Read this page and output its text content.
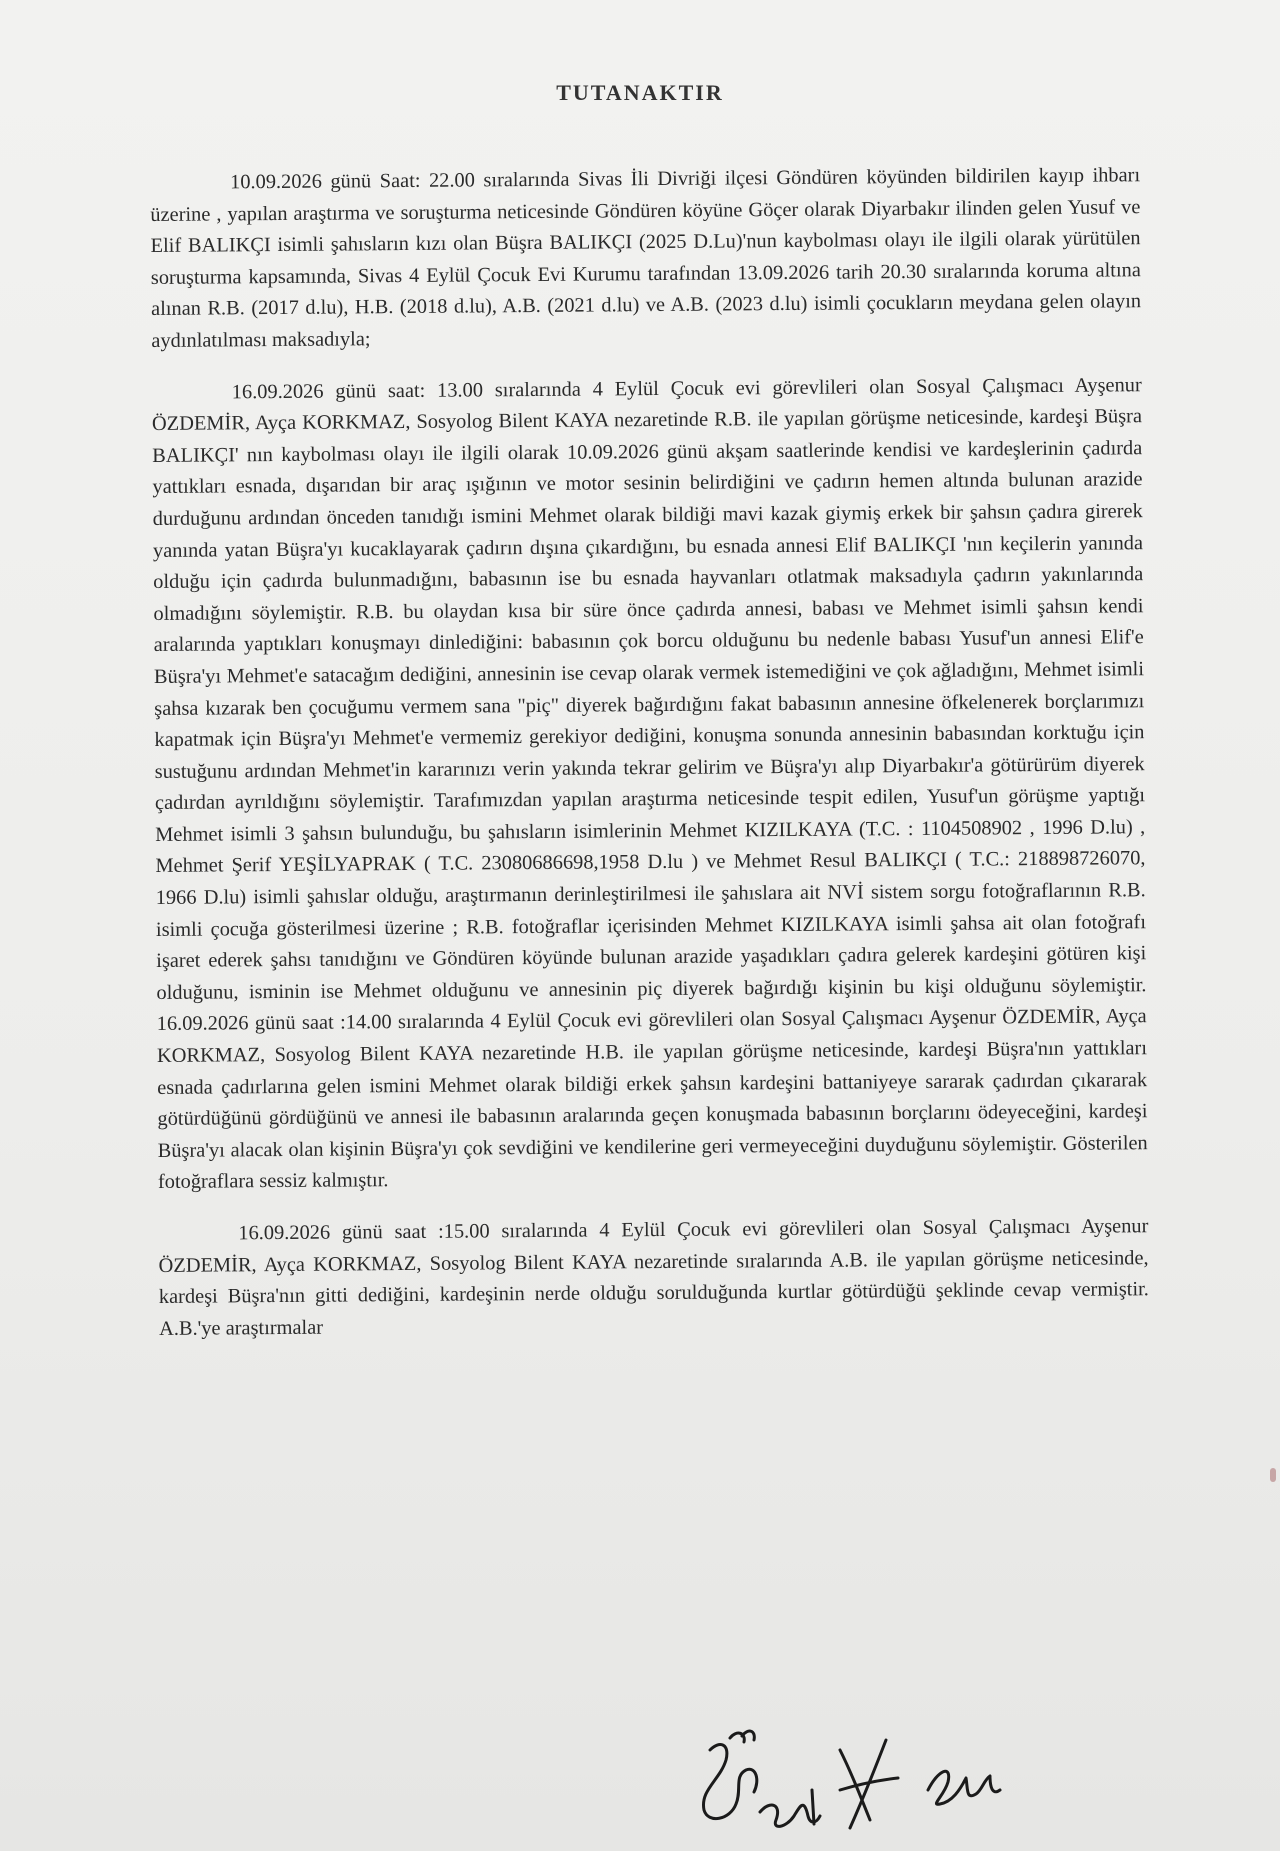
TUTANAKTIR

10.09.2026 günü Saat: 22.00 sıralarında Sivas İli Divriği ilçesi Göndüren köyünden bildirilen kayıp ihbarı üzerine , yapılan araştırma ve soruşturma neticesinde Göndüren köyüne Göçer olarak Diyarbakır ilinden gelen Yusuf ve Elif BALIKÇI isimli şahısların kızı olan Büşra BALIKÇI (2025 D.Lu)'nun kaybolması olayı ile ilgili olarak yürütülen soruşturma kapsamında, Sivas 4 Eylül Çocuk Evi Kurumu tarafından 13.09.2026 tarih 20.30 sıralarında koruma altına alınan R.B. (2017 d.lu), H.B. (2018 d.lu), A.B. (2021 d.lu) ve A.B. (2023 d.lu) isimli çocukların meydana gelen olayın aydınlatılması maksadıyla;

16.09.2026 günü saat: 13.00 sıralarında 4 Eylül Çocuk evi görevlileri olan Sosyal Çalışmacı Ayşenur ÖZDEMİR, Ayça KORKMAZ, Sosyolog Bilent KAYA nezaretinde R.B. ile yapılan görüşme neticesinde, kardeşi Büşra BALIKÇI' nın kaybolması olayı ile ilgili olarak 10.09.2026 günü akşam saatlerinde kendisi ve kardeşlerinin çadırda yattıkları esnada, dışarıdan bir araç ışığının ve motor sesinin belirdiğini ve çadırın hemen altında bulunan arazide durduğunu ardından önceden tanıdığı ismini Mehmet olarak bildiği mavi kazak giymiş erkek bir şahsın çadıra girerek yanında yatan Büşra'yı kucaklayarak çadırın dışına çıkardığını, bu esnada annesi Elif BALIKÇI 'nın keçilerin yanında olduğu için çadırda bulunmadığını, babasının ise bu esnada hayvanları otlatmak maksadıyla çadırın yakınlarında olmadığını söylemiştir. R.B. bu olaydan kısa bir süre önce çadırda annesi, babası ve Mehmet isimli şahsın kendi aralarında yaptıkları konuşmayı dinlediğini: babasının çok borcu olduğunu bu nedenle babası Yusuf'un annesi Elif'e Büşra'yı Mehmet'e satacağım dediğini, annesinin ise cevap olarak vermek istemediğini ve çok ağladığını, Mehmet isimli şahsa kızarak ben çocuğumu vermem sana "piç" diyerek bağırdığını fakat babasının annesine öfkelenerek borçlarımızı kapatmak için Büşra'yı Mehmet'e vermemiz gerekiyor dediğini, konuşma sonunda annesinin babasından korktuğu için sustuğunu ardından Mehmet'in kararınızı verin yakında tekrar gelirim ve Büşra'yı alıp Diyarbakır'a götürürüm diyerek çadırdan ayrıldığını söylemiştir. Tarafımızdan yapılan araştırma neticesinde tespit edilen, Yusuf'un görüşme yaptığı Mehmet isimli 3 şahsın bulunduğu, bu şahısların isimlerinin Mehmet KIZILKAYA (T.C. : 1104508902 , 1996 D.lu) , Mehmet Şerif YEŞİLYAPRAK ( T.C. 23080686698,1958 D.lu ) ve Mehmet Resul BALIKÇI ( T.C.: 218898726070, 1966 D.lu) isimli şahıslar olduğu, araştırmanın derinleştirilmesi ile şahıslara ait NVİ sistem sorgu fotoğraflarının R.B. isimli çocuğa gösterilmesi üzerine ; R.B. fotoğraflar içerisinden Mehmet KIZILKAYA isimli şahsa ait olan fotoğrafı işaret ederek şahsı tanıdığını ve Göndüren köyünde bulunan arazide yaşadıkları çadıra gelerek kardeşini götüren kişi olduğunu, isminin ise Mehmet olduğunu ve annesinin piç diyerek bağırdığı kişinin bu kişi olduğunu söylemiştir. 16.09.2026 günü saat :14.00 sıralarında 4 Eylül Çocuk evi görevlileri olan Sosyal Çalışmacı Ayşenur ÖZDEMİR, Ayça KORKMAZ, Sosyolog Bilent KAYA nezaretinde H.B. ile yapılan görüşme neticesinde, kardeşi Büşra'nın yattıkları esnada çadırlarına gelen ismini Mehmet olarak bildiği erkek şahsın kardeşini battaniyeye sararak çadırdan çıkararak götürdüğünü gördüğünü ve annesi ile babasının aralarında geçen konuşmada babasının borçlarını ödeyeceğini, kardeşi Büşra'yı alacak olan kişinin Büşra'yı çok sevdiğini ve kendilerine geri vermeyeceğini duyduğunu söylemiştir. Gösterilen fotoğraflara sessiz kalmıştır.

16.09.2026 günü saat :15.00 sıralarında 4 Eylül Çocuk evi görevlileri olan Sosyal Çalışmacı Ayşenur ÖZDEMİR, Ayça KORKMAZ, Sosyolog Bilent KAYA nezaretinde sıralarında A.B. ile yapılan görüşme neticesinde, kardeşi Büşra'nın gitti dediğini, kardeşinin nerde olduğu sorulduğunda kurtlar götürdüğü şeklinde cevap vermiştir. A.B.'ye araştırmalar
